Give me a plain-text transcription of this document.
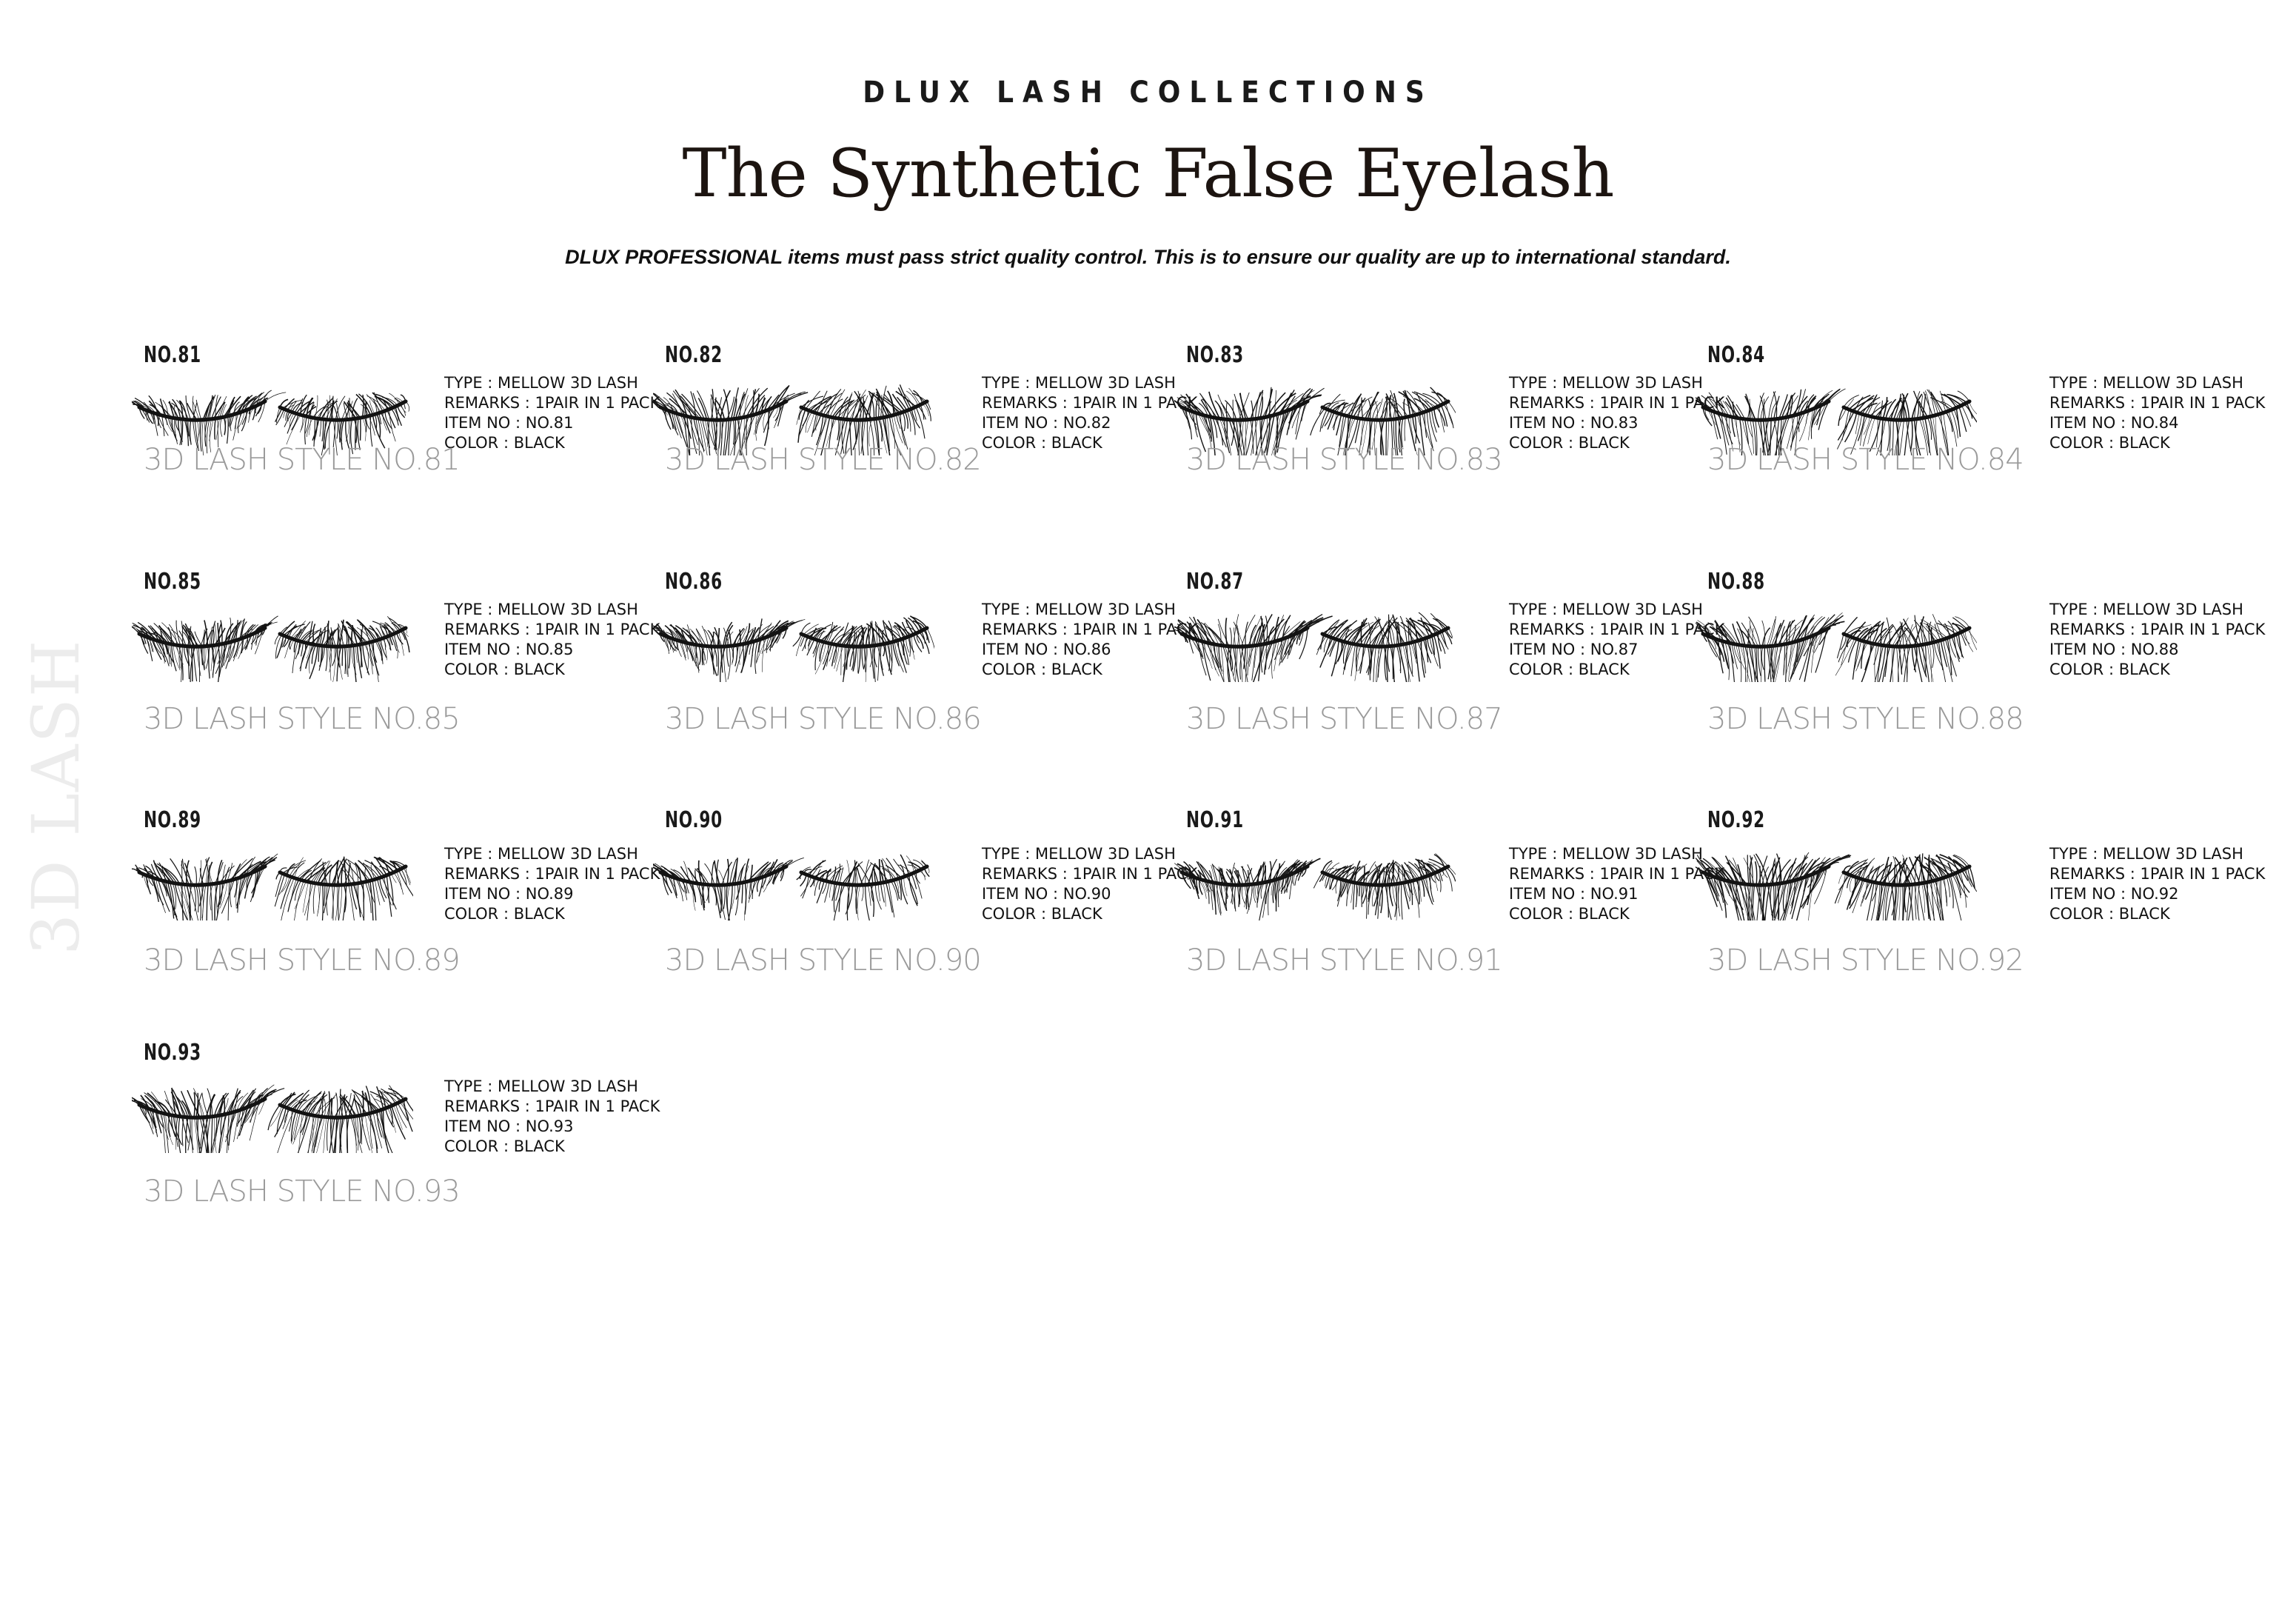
DLUX LASH COLLECTIONS
The Synthetic False Eyelash
DLUX PROFESSIONAL items must pass strict quality control. This is to ensure our quality are up to international standard.
3D LASH
NO.81
TYPE : MELLOW 3D LASH
REMARKS : 1PAIR IN 1 PACK
ITEM NO : NO.81
COLOR : BLACK
3D LASH STYLE NO.81
NO.82
TYPE : MELLOW 3D LASH
REMARKS : 1PAIR IN 1 PACK
ITEM NO : NO.82
COLOR : BLACK
3D LASH STYLE NO.82
NO.83
TYPE : MELLOW 3D LASH
REMARKS : 1PAIR IN 1 PACK
ITEM NO : NO.83
COLOR : BLACK
3D LASH STYLE NO.83
NO.84
TYPE : MELLOW 3D LASH
REMARKS : 1PAIR IN 1 PACK
ITEM NO : NO.84
COLOR : BLACK
3D LASH STYLE NO.84
NO.85
TYPE : MELLOW 3D LASH
REMARKS : 1PAIR IN 1 PACK
ITEM NO : NO.85
COLOR : BLACK
3D LASH STYLE NO.85
NO.86
TYPE : MELLOW 3D LASH
REMARKS : 1PAIR IN 1 PACK
ITEM NO : NO.86
COLOR : BLACK
3D LASH STYLE NO.86
NO.87
TYPE : MELLOW 3D LASH
REMARKS : 1PAIR IN 1 PACK
ITEM NO : NO.87
COLOR : BLACK
3D LASH STYLE NO.87
NO.88
TYPE : MELLOW 3D LASH
REMARKS : 1PAIR IN 1 PACK
ITEM NO : NO.88
COLOR : BLACK
3D LASH STYLE NO.88
NO.89
TYPE : MELLOW 3D LASH
REMARKS : 1PAIR IN 1 PACK
ITEM NO : NO.89
COLOR : BLACK
3D LASH STYLE NO.89
NO.90
TYPE : MELLOW 3D LASH
REMARKS : 1PAIR IN 1 PACK
ITEM NO : NO.90
COLOR : BLACK
3D LASH STYLE NO.90
NO.91
TYPE : MELLOW 3D LASH
REMARKS : 1PAIR IN 1 PACK
ITEM NO : NO.91
COLOR : BLACK
3D LASH STYLE NO.91
NO.92
TYPE : MELLOW 3D LASH
REMARKS : 1PAIR IN 1 PACK
ITEM NO : NO.92
COLOR : BLACK
3D LASH STYLE NO.92
NO.93
TYPE : MELLOW 3D LASH
REMARKS : 1PAIR IN 1 PACK
ITEM NO : NO.93
COLOR : BLACK
3D LASH STYLE NO.93
